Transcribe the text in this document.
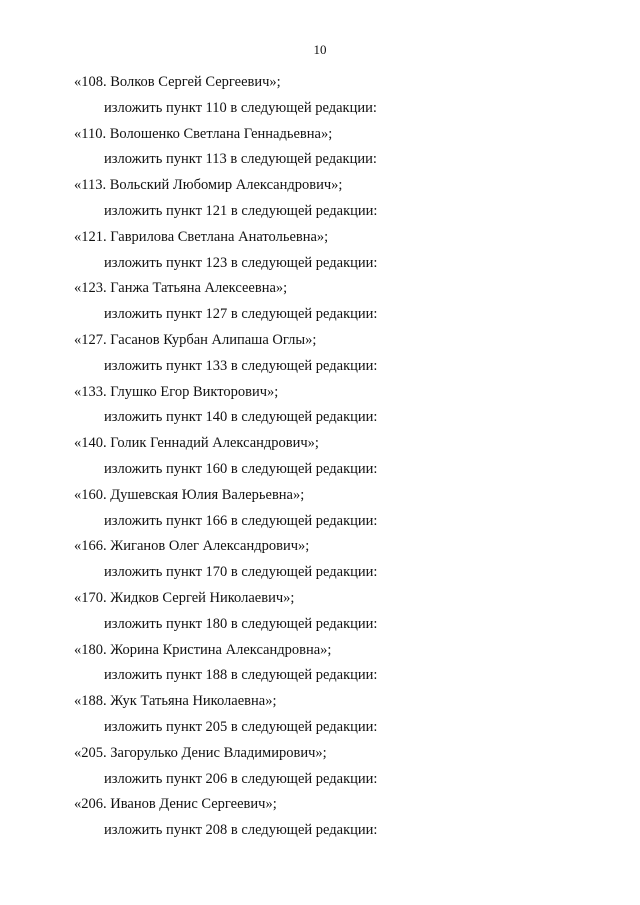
10
«108. Волков Сергей Сергеевич»;
изложить пункт 110 в следующей редакции:
«110. Волошенко Светлана Геннадьевна»;
изложить пункт 113 в следующей редакции:
«113. Вольский Любомир Александрович»;
изложить пункт 121 в следующей редакции:
«121. Гаврилова Светлана Анатольевна»;
изложить пункт 123 в следующей редакции:
«123. Ганжа Татьяна Алексеевна»;
изложить пункт 127 в следующей редакции:
«127. Гасанов Курбан Алипаша Оглы»;
изложить пункт 133 в следующей редакции:
«133. Глушко Егор Викторович»;
изложить пункт 140 в следующей редакции:
«140. Голик Геннадий Александрович»;
изложить пункт 160 в следующей редакции:
«160. Душевская Юлия Валерьевна»;
изложить пункт 166 в следующей редакции:
«166. Жиганов Олег Александрович»;
изложить пункт 170 в следующей редакции:
«170. Жидков Сергей Николаевич»;
изложить пункт 180 в следующей редакции:
«180. Жорина Кристина Александровна»;
изложить пункт 188 в следующей редакции:
«188. Жук Татьяна Николаевна»;
изложить пункт 205 в следующей редакции:
«205. Загорулько Денис Владимирович»;
изложить пункт 206 в следующей редакции:
«206. Иванов Денис Сергеевич»;
изложить пункт 208 в следующей редакции:
